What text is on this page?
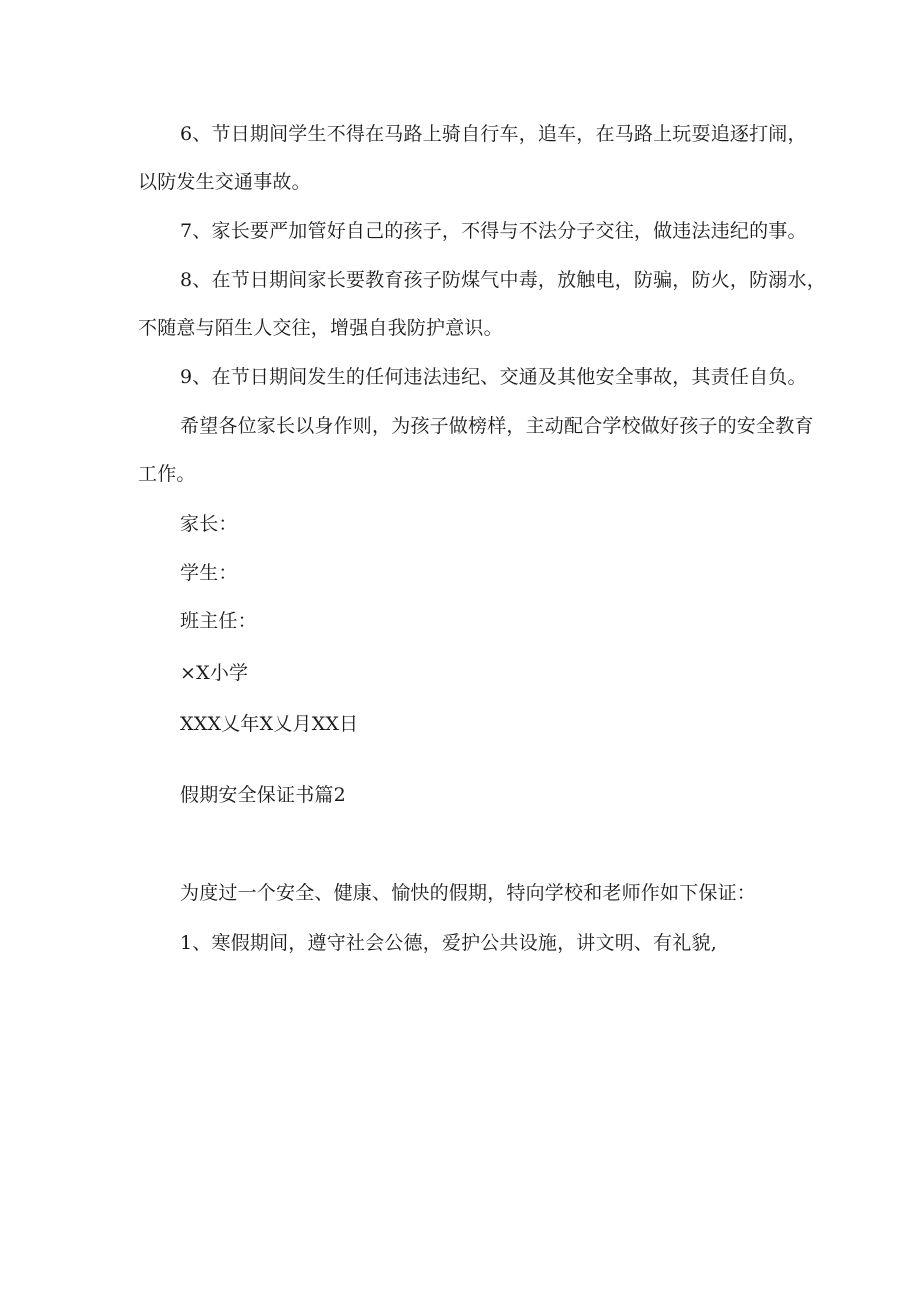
6、节日期间学生不得在马路上骑自行车，追车，在马路上玩耍追逐打闹，
以防发生交通事故。
7、家长要严加管好自己的孩子，不得与不法分子交往，做违法违纪的事。
8、在节日期间家长要教育孩子防煤气中毒，放触电，防骗，防火，防溺水，
不随意与陌生人交往，增强自我防护意识。
9、在节日期间发生的任何违法违纪、交通及其他安全事故，其责任自负。
希望各位家长以身作则，为孩子做榜样，主动配合学校做好孩子的安全教育
工作。
家长：
学生：
班主任：
×X小学
XXX乂年X乂月XX日
假期安全保证书篇2
为度过一个安全、健康、愉快的假期，特向学校和老师作如下保证：
1、寒假期间，遵守社会公德，爱护公共设施，讲文明、有礼貌,
